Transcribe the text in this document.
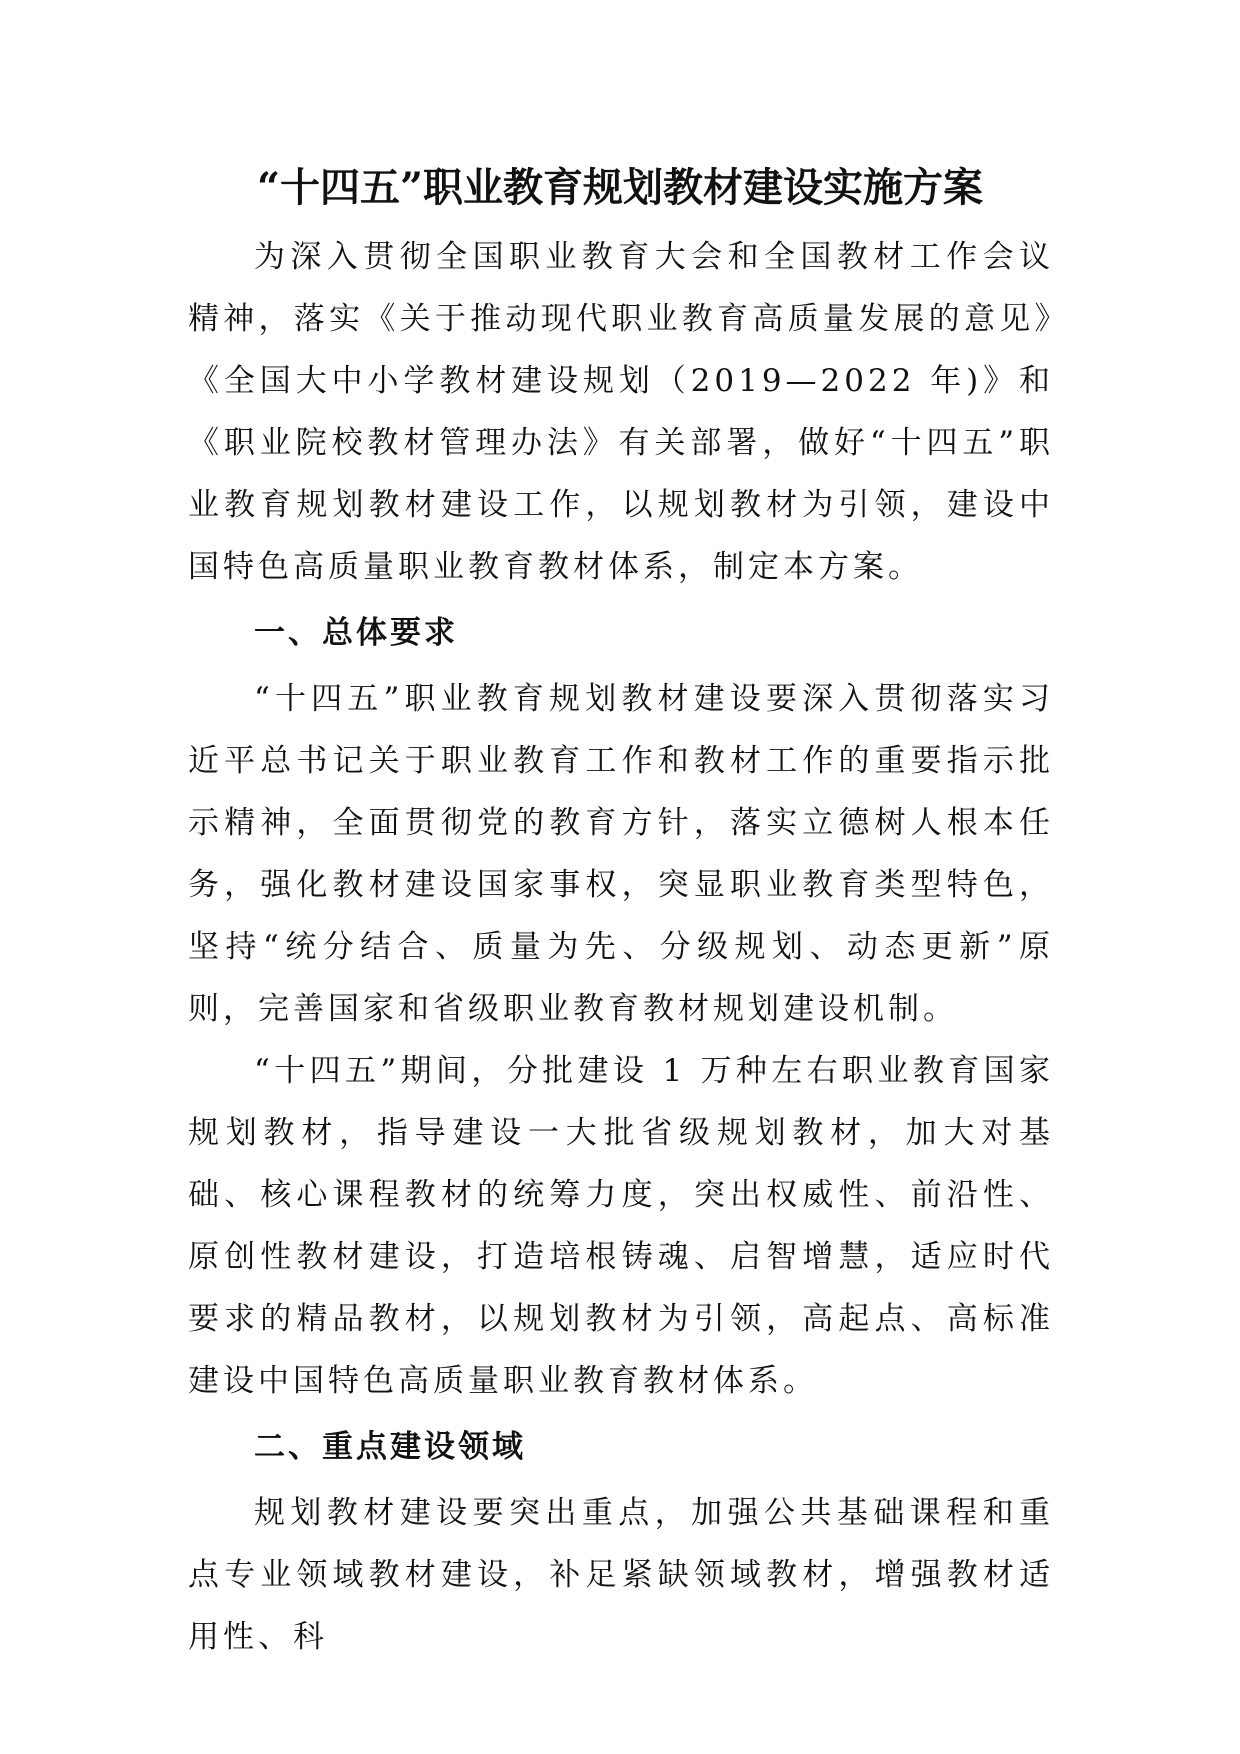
“十四五”职业教育规划教材建设实施方案

为深入贯彻全国职业教育大会和全国教材工作会议精神，落实《关于推动现代职业教育高质量发展的意见》《全国大中小学教材建设规划（2019—2022 年)》和《职业院校教材管理办法》有关部署，做好“十四五”职业教育规划教材建设工作，以规划教材为引领，建设中国特色高质量职业教育教材体系，制定本方案。

一、总体要求

“十四五”职业教育规划教材建设要深入贯彻落实习近平总书记关于职业教育工作和教材工作的重要指示批示精神，全面贯彻党的教育方针，落实立德树人根本任务，强化教材建设国家事权，突显职业教育类型特色，坚持“统分结合、质量为先、分级规划、动态更新”原则，完善国家和省级职业教育教材规划建设机制。

“十四五”期间，分批建设 1 万种左右职业教育国家规划教材，指导建设一大批省级规划教材，加大对基础、核心课程教材的统筹力度，突出权威性、前沿性、原创性教材建设，打造培根铸魂、启智增慧，适应时代要求的精品教材，以规划教材为引领，高起点、高标准建设中国特色高质量职业教育教材体系。

二、重点建设领域

规划教材建设要突出重点，加强公共基础课程和重点专业领域教材建设，补足紧缺领域教材，增强教材适用性、科
